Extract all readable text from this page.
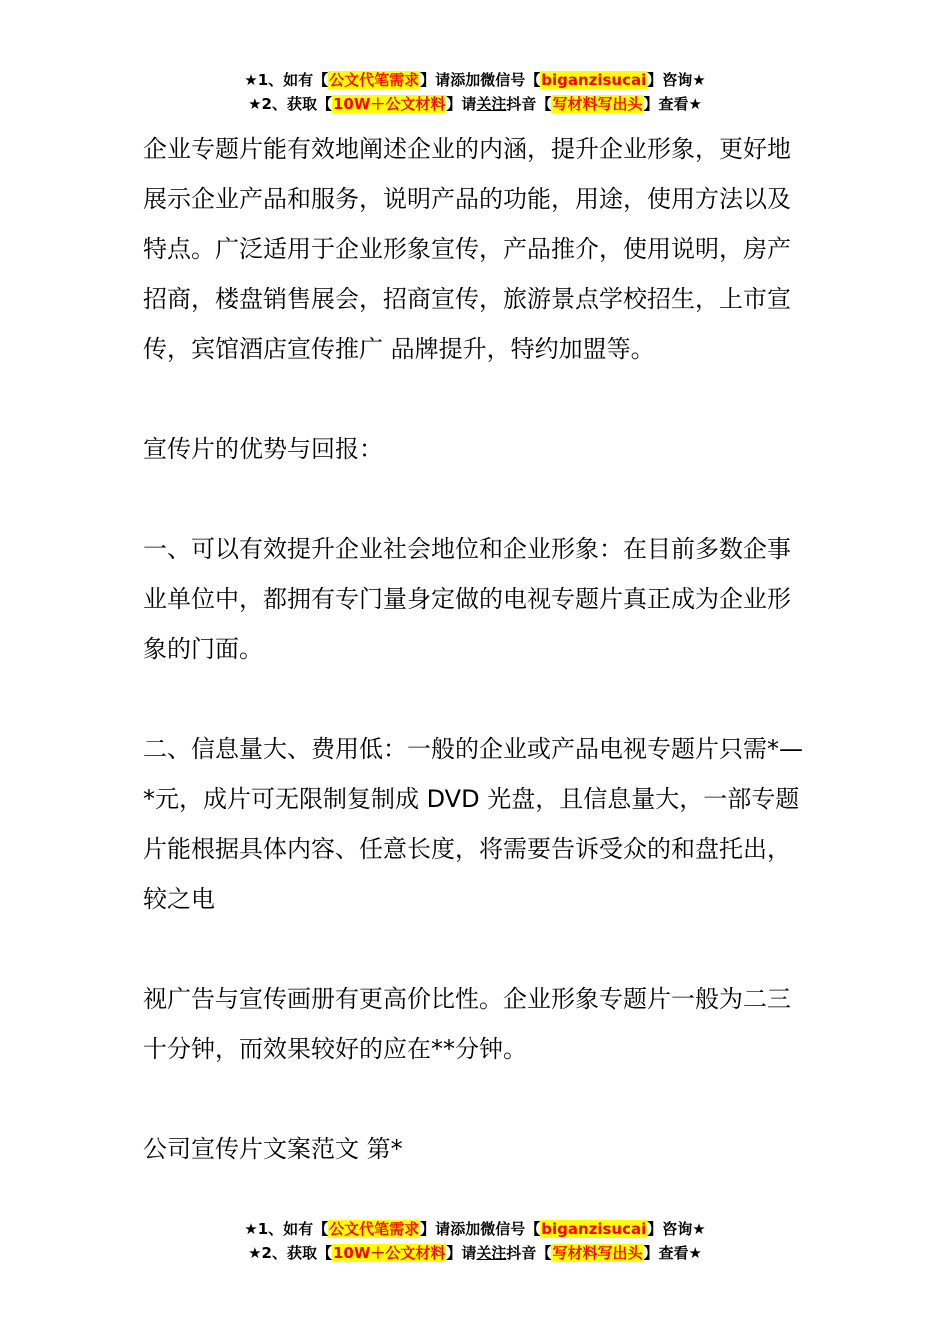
★1、如有【公文代笔需求】请添加微信号【biganzisucai】咨询★
★2、获取【10W＋公文材料】请关注抖音【写材料写出头】查看★

企业专题片能有效地阐述企业的内涵，提升企业形象，更好地展示企业产品和服务，说明产品的功能，用途，使用方法以及特点。广泛适用于企业形象宣传，产品推介，使用说明，房产招商，楼盘销售展会，招商宣传，旅游景点学校招生，上市宣传，宾馆酒店宣传推广 品牌提升，特约加盟等。

宣传片的优势与回报：

一、可以有效提升企业社会地位和企业形象：在目前多数企事业单位中，都拥有专门量身定做的电视专题片真正成为企业形象的门面。

二、信息量大、费用低：一般的企业或产品电视专题片只需*—*元，成片可无限制复制成 DVD 光盘，且信息量大，一部专题片能根据具体内容、任意长度，将需要告诉受众的和盘托出，较之电

视广告与宣传画册有更高价比性。企业形象专题片一般为二三十分钟，而效果较好的应在**分钟。

公司宣传片文案范文 第*

★1、如有【公文代笔需求】请添加微信号【biganzisucai】咨询★
★2、获取【10W＋公文材料】请关注抖音【写材料写出头】查看★
